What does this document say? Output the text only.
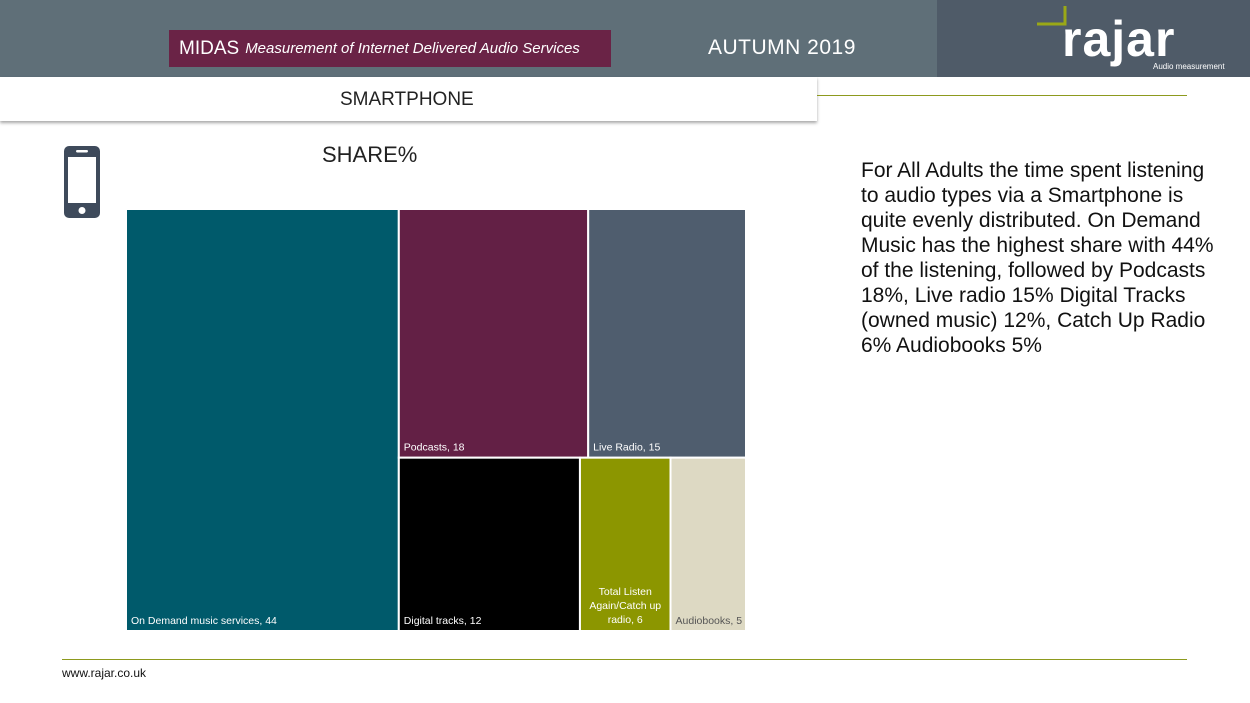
rajar
Audio measurement
MIDAS Measurement of Internet Delivered Audio Services	AUTUMN 2019
SMARTPHONE
SHARE%
On Demand music services, 44
Podcasts, 18	Live Radio, 15
Digital tracks, 12
Total Listen Again/Catch up radio, 6	Audiobooks, 5
For All Adults the time spent listening to audio types via a Smartphone is quite evenly distributed. On Demand Music has the highest share with 44% of the listening, followed by Podcasts 18%, Live radio 15% Digital Tracks (owned music) 12%, Catch Up Radio 6% Audiobooks 5%
www.rajar.co.uk
